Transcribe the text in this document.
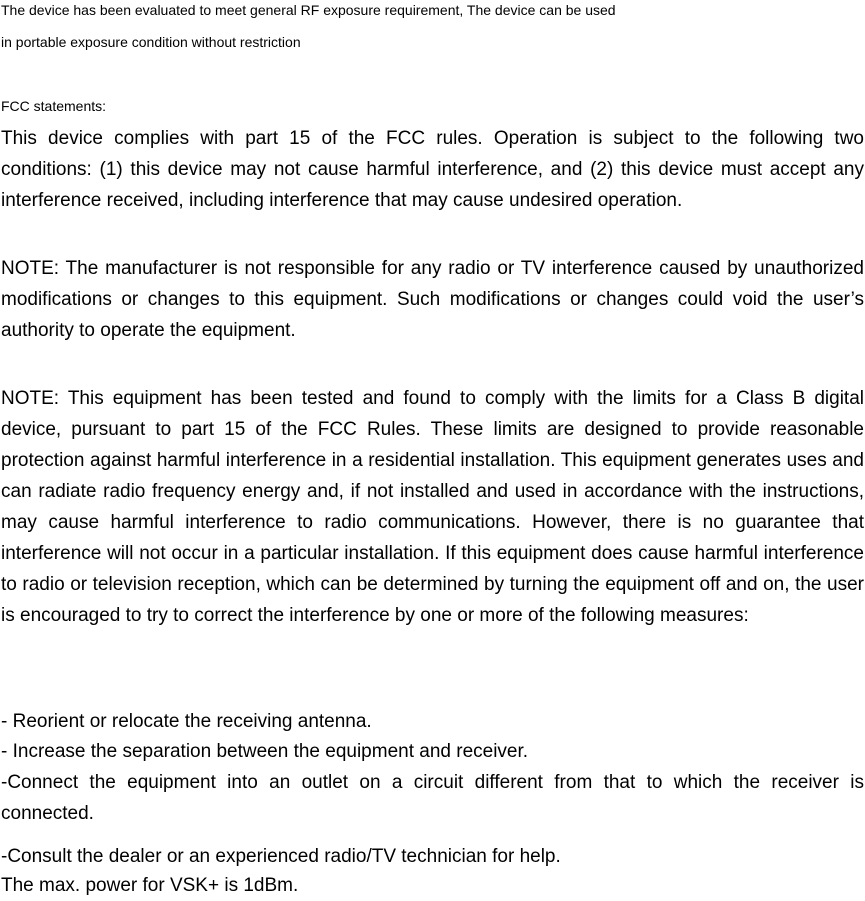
The device has been evaluated to meet general RF exposure requirement, The device can be used
in portable exposure condition without restriction
FCC statements:

This device complies with part 15 of the FCC rules. Operation is subject to the following two conditions: (1) this device may not cause harmful interference, and (2) this device must accept any interference received, including interference that may cause undesired operation.

NOTE: The manufacturer is not responsible for any radio or TV interference caused by unauthorized modifications or changes to this equipment. Such modifications or changes could void the user’s authority to operate the equipment.

NOTE: This equipment has been tested and found to comply with the limits for a Class B digital device, pursuant to part 15 of the FCC Rules. These limits are designed to provide reasonable protection against harmful interference in a residential installation. This equipment generates uses and can radiate radio frequency energy and, if not installed and used in accordance with the instructions, may cause harmful interference to radio communications. However, there is no guarantee that interference will not occur in a particular installation. If this equipment does cause harmful interference to radio or television reception, which can be determined by turning the equipment off and on, the user is encouraged to try to correct the interference by one or more of the following measures:

- Reorient or relocate the receiving antenna.

- Increase the separation between the equipment and receiver.

-Connect the equipment into an outlet on a circuit different from that to which the receiver is connected.

-Consult the dealer or an experienced radio/TV technician for help.

The max. power for VSK+ is 1dBm.
